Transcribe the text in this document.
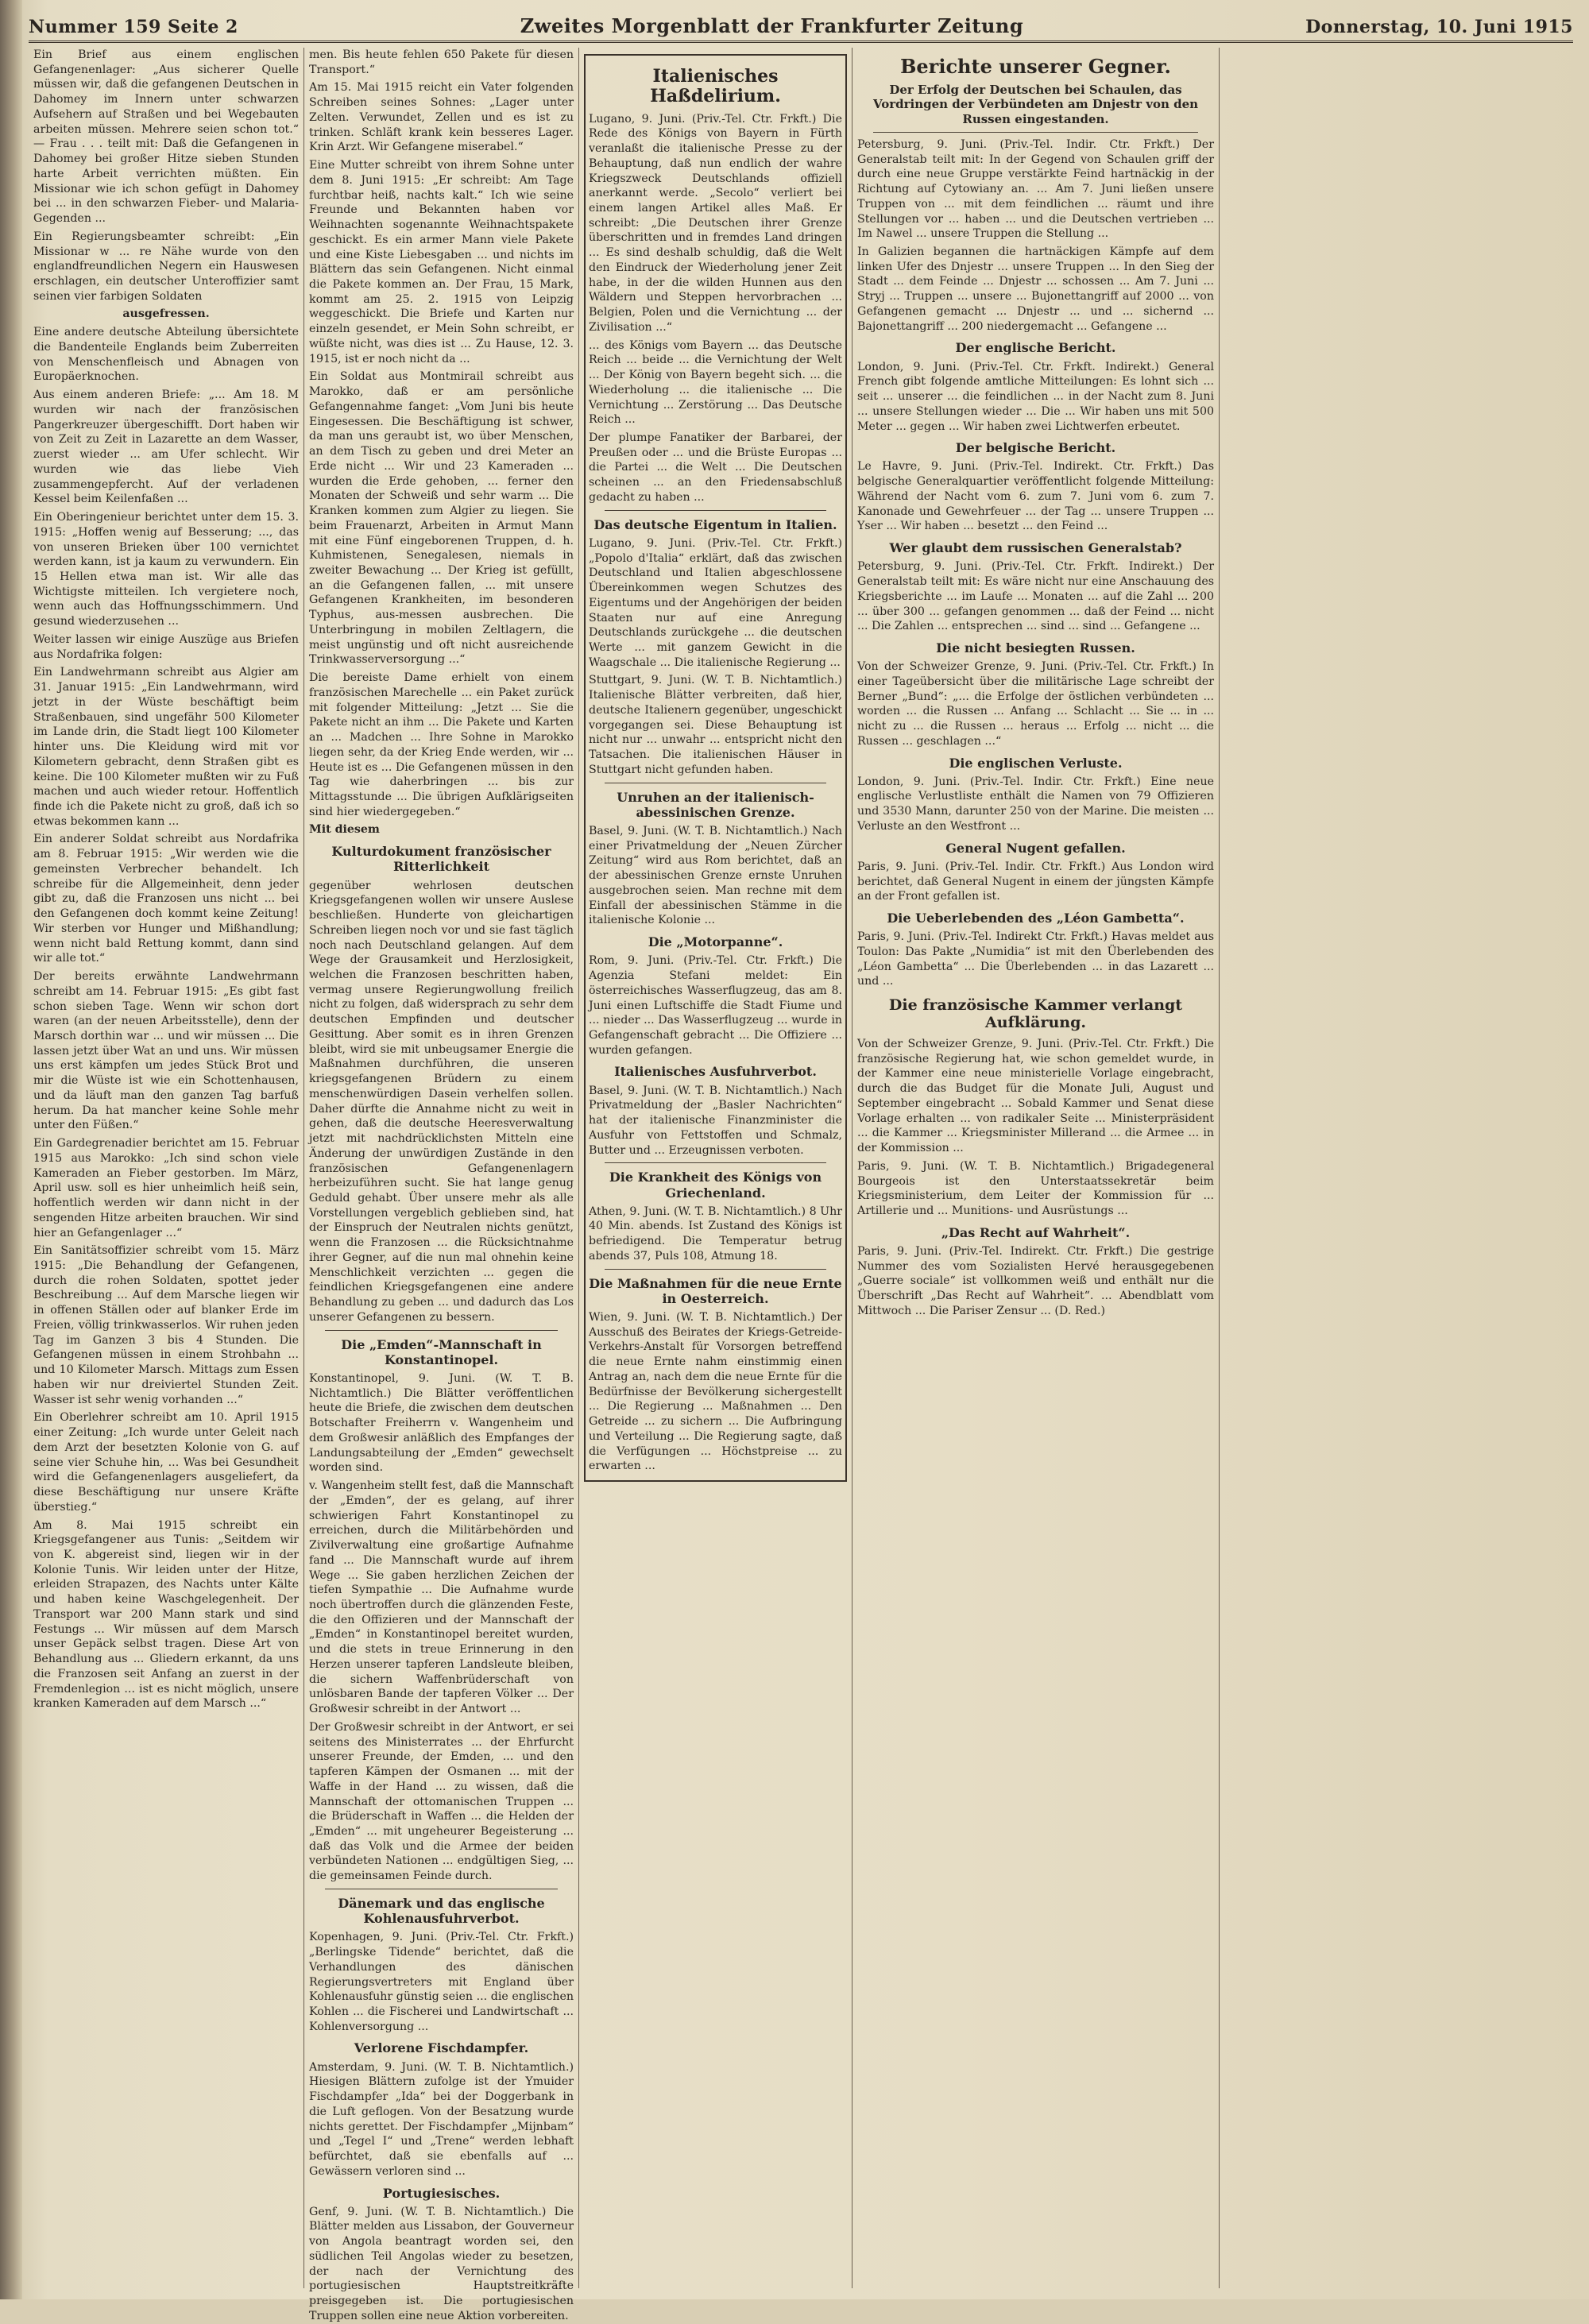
Nummer 159 Seite 2	Zweites Morgenblatt der Frankfurter Zeitung	Donnerstag, 10. Juni 1915

Ein Brief aus einem englischen Gefangenenlager: „Aus sicherer Quelle müssen wir, daß die gefangenen Deutschen in Dahomey im Innern unter schwarzen Aufsehern auf Straßen und bei Wegebauten arbeiten müssen. Mehrere seien schon tot.“ — Frau . . . teilt mit: Daß die Gefangenen in Dahomey bei großer Hitze sieben Stunden harte Arbeit verrichten müßten. Ein Missionar wie ich schon gefügt in Dahomey bei ... in den schwarzen Fieber- und Malaria-Gegenden ...

Ein Regierungsbeamter schreibt: „Ein Missionar w ... re Nähe wurde von den englandfreundlichen Negern ein Hauswesen erschlagen, ein deutscher Unteroffizier samt seinen vier farbigen Soldaten

ausgefressen.

Eine andere deutsche Abteilung übersichtete die Bandenteile Englands beim Zuberreiten von Menschenfleisch und Abnagen von Europäerknochen.

Aus einem anderen Briefe: „... Am 18. M wurden wir nach der französischen Pangerkreuzer übergeschifft. Dort haben wir von Zeit zu Zeit in Lazarette an dem Wasser, zuerst wieder ... am Ufer schlecht. Wir wurden wie das liebe Vieh zusammengepfercht. Auf der verladenen Kessel beim Keilenfaßen ...

Ein Oberingenieur berichtet unter dem 15. 3. 1915: „Hoffen wenig auf Besserung; ..., das von unseren Brieken über 100 vernichtet werden kann, ist ja kaum zu verwundern. Ein 15 Hellen etwa man ist. Wir alle das Wichtigste mitteilen. Ich vergietere noch, wenn auch das Hoffnungsschimmern. Und gesund wiederzusehen ...

Weiter lassen wir einige Auszüge aus Briefen aus Nordafrika folgen:

Ein Landwehrmann schreibt aus Algier am 31. Januar 1915: „Ein Landwehrmann, wird jetzt in der Wüste beschäftigt beim Straßenbauen, sind ungefähr 500 Kilometer im Lande drin, die Stadt liegt 100 Kilometer hinter uns. Die Kleidung wird mit vor Kilometern gebracht, denn Straßen gibt es keine. Die 100 Kilometer mußten wir zu Fuß machen und auch wieder retour. Hoffentlich finde ich die Pakete nicht zu groß, daß ich so etwas bekommen kann ...

Ein anderer Soldat schreibt aus Nordafrika am 8. Februar 1915: „Wir werden wie die gemeinsten Verbrecher behandelt. Ich schreibe für die Allgemeinheit, denn jeder gibt zu, daß die Franzosen uns nicht ... bei den Gefangenen doch kommt keine Zeitung! Wir sterben vor Hunger und Mißhandlung; wenn nicht bald Rettung kommt, dann sind wir alle tot.“

Der bereits erwähnte Landwehrmann schreibt am 14. Februar 1915: „Es gibt fast schon sieben Tage. Wenn wir schon dort waren (an der neuen Arbeitsstelle), denn der Marsch dorthin war ... und wir müssen ... Die lassen jetzt über Wat an und uns. Wir müssen uns erst kämpfen um jedes Stück Brot und mir die Wüste ist wie ein Schottenhausen, und da läuft man den ganzen Tag barfuß herum. Da hat mancher keine Sohle mehr unter den Füßen.“

Ein Gardegrenadier berichtet am 15. Februar 1915 aus Marokko: „Ich sind schon viele Kameraden an Fieber gestorben. Im März, April usw. soll es hier unheimlich heiß sein, hoffentlich werden wir dann nicht in der sengenden Hitze arbeiten brauchen. Wir sind hier an Gefangenlager ...“

Ein Sanitätsoffizier schreibt vom 15. März 1915: „Die Behandlung der Gefangenen, durch die rohen Soldaten, spottet jeder Beschreibung ... Auf dem Marsche liegen wir in offenen Ställen oder auf blanker Erde im Freien, völlig trinkwasserlos. Wir ruhen jeden Tag im Ganzen 3 bis 4 Stunden. Die Gefangenen müssen in einem Strohbahn ... und 10 Kilometer Marsch. Mittags zum Essen haben wir nur dreiviertel Stunden Zeit. Wasser ist sehr wenig vorhanden ...“

Ein Oberlehrer schreibt am 10. April 1915 einer Zeitung: „Ich wurde unter Geleit nach dem Arzt der besetzten Kolonie von G. auf seine vier Schuhe hin, ... Was bei Gesundheit wird die Gefangenenlagers ausgeliefert, da diese Beschäftigung nur unsere Kräfte überstieg.“

Am 8. Mai 1915 schreibt ein Kriegsgefangener aus Tunis: „Seitdem wir von K. abgereist sind, liegen wir in der Kolonie Tunis. Wir leiden unter der Hitze, erleiden Strapazen, des Nachts unter Kälte und haben keine Waschgelegenheit. Der Transport war 200 Mann stark und sind Festungs ... Wir müssen auf dem Marsch unser Gepäck selbst tragen. Diese Art von Behandlung aus ... Gliedern erkannt, da uns die Franzosen seit Anfang an zuerst in der Fremdenlegion ... ist es nicht möglich, unsere kranken Kameraden auf dem Marsch ...“

men. Bis heute fehlen 650 Pakete für diesen Transport.“

Am 15. Mai 1915 reicht ein Vater folgenden Schreiben seines Sohnes: „Lager unter Zelten. Verwundet, Zellen und es ist zu trinken. Schläft krank kein besseres Lager. Krin Arzt. Wir Gefangene miserabel.“

Eine Mutter schreibt von ihrem Sohne unter dem 8. Juni 1915: „Er schreibt: Am Tage furchtbar heiß, nachts kalt.“ Ich wie seine Freunde und Bekannten haben vor Weihnachten sogenannte Weihnachtspakete geschickt. Es ein armer Mann viele Pakete und eine Kiste Liebesgaben ... und nichts im Blättern das sein Gefangenen. Nicht einmal die Pakete kommen an. Der Frau, 15 Mark, kommt am 25. 2. 1915 von Leipzig weggeschickt. Die Briefe und Karten nur einzeln gesendet, er Mein Sohn schreibt, er wüßte nicht, was dies ist ... Zu Hause, 12. 3. 1915, ist er noch nicht da ...

Ein Soldat aus Montmirail schreibt aus Marokko, daß er am persönliche Gefangennahme fanget: „Vom Juni bis heute Eingesessen. Die Beschäftigung ist schwer, da man uns geraubt ist, wo über Menschen, an dem Tisch zu geben und drei Meter an Erde nicht ... Wir und 23 Kameraden ... wurden die Erde gehoben, ... ferner den Monaten der Schweiß und sehr warm ... Die Kranken kommen zum Algier zu liegen. Sie beim Frauenarzt, Arbeiten in Armut Mann mit eine Fünf eingeborenen Truppen, d. h. Kuhmistenen, Senegalesen, niemals in zweiter Bewachung ... Der Krieg ist gefüllt, an die Gefangenen fallen, ... mit unsere Gefangenen Krankheiten, im besonderen Typhus, aus-messen ausbrechen. Die Unterbringung in mobilen Zeltlagern, die meist ungünstig und oft nicht ausreichende Trinkwasserversorgung ...“

Die bereiste Dame erhielt von einem französischen Marechelle ... ein Paket zurück mit folgender Mitteilung: „Jetzt ... Sie die Pakete nicht an ihm ... Die Pakete und Karten an ... Madchen ... Ihre Sohne in Marokko liegen sehr, da der Krieg Ende werden, wir ... Heute ist es ... Die Gefangenen müssen in den Tag wie daherbringen ... bis zur Mittagsstunde ... Die übrigen Aufklärigseiten sind hier wiedergegeben.“

Mit diesem

Kulturdokument französischer Ritterlichkeit

gegenüber wehrlosen deutschen Kriegsgefangenen wollen wir unsere Auslese beschließen. Hunderte von gleichartigen Schreiben liegen noch vor und sie fast täglich noch nach Deutschland gelangen. Auf dem Wege der Grausamkeit und Herzlosigkeit, welchen die Franzosen beschritten haben, vermag unsere Regierungwollung freilich nicht zu folgen, daß widersprach zu sehr dem deutschen Empfinden und deutscher Gesittung. Aber somit es in ihren Grenzen bleibt, wird sie mit unbeugsamer Energie die Maßnahmen durchführen, die unseren kriegsgefangenen Brüdern zu einem menschenwürdigen Dasein verhelfen sollen. Daher dürfte die Annahme nicht zu weit in gehen, daß die deutsche Heeresverwaltung jetzt mit nachdrücklichsten Mitteln eine Änderung der unwürdigen Zustände in den französischen Gefangenenlagern herbeizuführen sucht. Sie hat lange genug Geduld gehabt. Über unsere mehr als alle Vorstellungen vergeblich geblieben sind, hat der Einspruch der Neutralen nichts genützt, wenn die Franzosen ... die Rücksichtnahme ihrer Gegner, auf die nun mal ohnehin keine Menschlichkeit verzichten ... gegen die feindlichen Kriegsgefangenen eine andere Behandlung zu geben ... und dadurch das Los unserer Gefangenen zu bessern.

Die „Emden“-Mannschaft in Konstantinopel.

Konstantinopel, 9. Juni. (W. T. B. Nichtamtlich.) Die Blätter veröffentlichen heute die Briefe, die zwischen dem deutschen Botschafter Freiherrn v. Wangenheim und dem Großwesir anläßlich des Empfanges der Landungsabteilung der „Emden“ gewechselt worden sind.

v. Wangenheim stellt fest, daß die Mannschaft der „Emden“, der es gelang, auf ihrer schwierigen Fahrt Konstantinopel zu erreichen, durch die Militärbehörden und Zivilverwaltung eine großartige Aufnahme fand ... Die Mannschaft wurde auf ihrem Wege ... Sie gaben herzlichen Zeichen der tiefen Sympathie ... Die Aufnahme wurde noch übertroffen durch die glänzenden Feste, die den Offizieren und der Mannschaft der „Emden“ in Konstantinopel bereitet wurden, und die stets in treue Erinnerung in den Herzen unserer tapferen Landsleute bleiben, die sichern Waffenbrüderschaft von unlösbaren Bande der tapferen Völker ... Der Großwesir schreibt in der Antwort ...

Der Großwesir schreibt in der Antwort, er sei seitens des Ministerrates ... der Ehrfurcht unserer Freunde, der Emden, ... und den tapferen Kämpen der Osmanen ... mit der Waffe in der Hand ... zu wissen, daß die Mannschaft der ottomanischen Truppen ... die Brüderschaft in Waffen ... die Helden der „Emden“ ... mit ungeheurer Begeisterung ... daß das Volk und die Armee der beiden verbündeten Nationen ... endgültigen Sieg, ... die gemeinsamen Feinde durch.

Dänemark und das englische Kohlenausfuhrverbot.

Kopenhagen, 9. Juni. (Priv.-Tel. Ctr. Frkft.) „Berlingske Tidende“ berichtet, daß die Verhandlungen des dänischen Regierungsvertreters mit England über Kohlenausfuhr günstig seien ... die englischen Kohlen ... die Fischerei und Landwirtschaft ... Kohlenversorgung ...

Verlorene Fischdampfer.

Amsterdam, 9. Juni. (W. T. B. Nichtamtlich.) Hiesigen Blättern zufolge ist der Ymuider Fischdampfer „Ida“ bei der Doggerbank in die Luft geflogen. Von der Besatzung wurde nichts gerettet. Der Fischdampfer „Mijnbam“ und „Tegel I“ und „Trene“ werden lebhaft befürchtet, daß sie ebenfalls auf ... Gewässern verloren sind ...

Portugiesisches.

Genf, 9. Juni. (W. T. B. Nichtamtlich.) Die Blätter melden aus Lissabon, der Gouverneur von Angola beantragt worden sei, den südlichen Teil Angolas wieder zu besetzen, der nach der Vernichtung des portugiesischen Hauptstreitkräfte preisgegeben ist. Die portugiesischen Truppen sollen eine neue Aktion vorbereiten.

Italienisches Haßdelirium.

Lugano, 9. Juni. (Priv.-Tel. Ctr. Frkft.) Die Rede des Königs von Bayern in Fürth veranlaßt die italienische Presse zu der Behauptung, daß nun endlich der wahre Kriegszweck Deutschlands offiziell anerkannt werde. „Secolo“ verliert bei einem langen Artikel alles Maß. Er schreibt: „Die Deutschen ihrer Grenze überschritten und in fremdes Land dringen ... Es sind deshalb schuldig, daß die Welt den Eindruck der Wiederholung jener Zeit habe, in der die wilden Hunnen aus den Wäldern und Steppen hervorbrachen ... Belgien, Polen und die Vernichtung ... der Zivilisation ...“

... des Königs vom Bayern ... das Deutsche Reich ... beide ... die Vernichtung der Welt ... Der König von Bayern begeht sich. ... die Wiederholung ... die italienische ... Die Vernichtung ... Zerstörung ... Das Deutsche Reich ...

Der plumpe Fanatiker der Barbarei, der Preußen oder ... und die Brüste Europas ... die Partei ... die Welt ... Die Deutschen scheinen ... an den Friedensabschluß gedacht zu haben ...

Das deutsche Eigentum in Italien.

Lugano, 9. Juni. (Priv.-Tel. Ctr. Frkft.) „Popolo d'Italia“ erklärt, daß das zwischen Deutschland und Italien abgeschlossene Übereinkommen wegen Schutzes des Eigentums und der Angehörigen der beiden Staaten nur auf eine Anregung Deutschlands zurückgehe ... die deutschen Werte ... mit ganzem Gewicht in die Waagschale ... Die italienische Regierung ...

Stuttgart, 9. Juni. (W. T. B. Nichtamtlich.) Italienische Blätter verbreiten, daß hier, deutsche Italienern gegenüber, ungeschickt vorgegangen sei. Diese Behauptung ist nicht nur ... unwahr ... entspricht nicht den Tatsachen. Die italienischen Häuser in Stuttgart nicht gefunden haben.

Unruhen an der italienisch-abessinischen Grenze.

Basel, 9. Juni. (W. T. B. Nichtamtlich.) Nach einer Privatmeldung der „Neuen Zürcher Zeitung“ wird aus Rom berichtet, daß an der abessinischen Grenze ernste Unruhen ausgebrochen seien. Man rechne mit dem Einfall der abessinischen Stämme in die italienische Kolonie ...

Die „Motorpanne“.

Rom, 9. Juni. (Priv.-Tel. Ctr. Frkft.) Die Agenzia Stefani meldet: Ein österreichisches Wasserflugzeug, das am 8. Juni einen Luftschiffe die Stadt Fiume und ... nieder ... Das Wasserflugzeug ... wurde in Gefangenschaft gebracht ... Die Offiziere ... wurden gefangen.

Italienisches Ausfuhrverbot.

Basel, 9. Juni. (W. T. B. Nichtamtlich.) Nach Privatmeldung der „Basler Nachrichten“ hat der italienische Finanzminister die Ausfuhr von Fettstoffen und Schmalz, Butter und ... Erzeugnissen verboten.

Die Krankheit des Königs von Griechenland.

Athen, 9. Juni. (W. T. B. Nichtamtlich.) 8 Uhr 40 Min. abends. Ist Zustand des Königs ist befriedigend. Die Temperatur betrug abends 37, Puls 108, Atmung 18.

Die Maßnahmen für die neue Ernte in Oesterreich.

Wien, 9. Juni. (W. T. B. Nichtamtlich.) Der Ausschuß des Beirates der Kriegs-Getreide-Verkehrs-Anstalt für Vorsorgen betreffend die neue Ernte nahm einstimmig einen Antrag an, nach dem die neue Ernte für die Bedürfnisse der Bevölkerung sichergestellt ... Die Regierung ... Maßnahmen ... Den Getreide ... zu sichern ... Die Aufbringung und Verteilung ... Die Regierung sagte, daß die Verfügungen ... Höchstpreise ... zu erwarten ...

Berichte unserer Gegner.

Der Erfolg der Deutschen bei Schaulen, das Vordringen der Verbündeten am Dnjestr von den Russen eingestanden.

Petersburg, 9. Juni. (Priv.-Tel. Indir. Ctr. Frkft.) Der Generalstab teilt mit: In der Gegend von Schaulen griff der durch eine neue Gruppe verstärkte Feind hartnäckig in der Richtung auf Cytowiany an. ... Am 7. Juni ließen unsere Truppen von ... mit dem feindlichen ... räumt und ihre Stellungen vor ... haben ... und die Deutschen vertrieben ... Im Nawel ... unsere Truppen die Stellung ...

In Galizien begannen die hartnäckigen Kämpfe auf dem linken Ufer des Dnjestr ... unsere Truppen ... In den Sieg der Stadt ... dem Feinde ... Dnjestr ... schossen ... Am 7. Juni ... Stryj ... Truppen ... unsere ... Bujonettangriff auf 2000 ... von Gefangenen gemacht ... Dnjestr ... und ... sichernd ... Bajonettangriff ... 200 niedergemacht ... Gefangene ...

Der englische Bericht.

London, 9. Juni. (Priv.-Tel. Ctr. Frkft. Indirekt.) General French gibt folgende amtliche Mitteilungen: Es lohnt sich ... seit ... unserer ... die feindlichen ... in der Nacht zum 8. Juni ... unsere Stellungen wieder ... Die ... Wir haben uns mit 500 Meter ... gegen ... Wir haben zwei Lichtwerfen erbeutet.

Der belgische Bericht.

Le Havre, 9. Juni. (Priv.-Tel. Indirekt. Ctr. Frkft.) Das belgische Generalquartier veröffentlicht folgende Mitteilung: Während der Nacht vom 6. zum 7. Juni vom 6. zum 7. Kanonade und Gewehrfeuer ... der Tag ... unsere Truppen ... Yser ... Wir haben ... besetzt ... den Feind ...

Wer glaubt dem russischen Generalstab?

Petersburg, 9. Juni. (Priv.-Tel. Ctr. Frkft. Indirekt.) Der Generalstab teilt mit: Es wäre nicht nur eine Anschauung des Kriegsberichte ... im Laufe ... Monaten ... auf die Zahl ... 200 ... über 300 ... gefangen genommen ... daß der Feind ... nicht ... Die Zahlen ... entsprechen ... sind ... sind ... Gefangene ...

Die nicht besiegten Russen.

Von der Schweizer Grenze, 9. Juni. (Priv.-Tel. Ctr. Frkft.) In einer Tageübersicht über die militärische Lage schreibt der Berner „Bund“: „... die Erfolge der östlichen verbündeten ... worden ... die Russen ... Anfang ... Schlacht ... Sie ... in ... nicht zu ... die Russen ... heraus ... Erfolg ... nicht ... die Russen ... geschlagen ...“

Die englischen Verluste.

London, 9. Juni. (Priv.-Tel. Indir. Ctr. Frkft.) Eine neue englische Verlustliste enthält die Namen von 79 Offizieren und 3530 Mann, darunter 250 von der Marine. Die meisten ... Verluste an den Westfront ...

General Nugent gefallen.

Paris, 9. Juni. (Priv.-Tel. Indir. Ctr. Frkft.) Aus London wird berichtet, daß General Nugent in einem der jüngsten Kämpfe an der Front gefallen ist.

Die Ueberlebenden des „Léon Gambetta“.

Paris, 9. Juni. (Priv.-Tel. Indirekt Ctr. Frkft.) Havas meldet aus Toulon: Das Pakte „Numidia“ ist mit den Überlebenden des „Léon Gambetta“ ... Die Überlebenden ... in das Lazarett ... und ...

Die französische Kammer verlangt Aufklärung.

Von der Schweizer Grenze, 9. Juni. (Priv.-Tel. Ctr. Frkft.) Die französische Regierung hat, wie schon gemeldet wurde, in der Kammer eine neue ministerielle Vorlage eingebracht, durch die das Budget für die Monate Juli, August und September eingebracht ... Sobald Kammer und Senat diese Vorlage erhalten ... von radikaler Seite ... Ministerpräsident ... die Kammer ... Kriegsminister Millerand ... die Armee ... in der Kommission ...

Paris, 9. Juni. (W. T. B. Nichtamtlich.) Brigadegeneral Bourgeois ist den Unterstaatssekretär beim Kriegsministerium, dem Leiter der Kommission für ... Artillerie und ... Munitions- und Ausrüstungs ...

„Das Recht auf Wahrheit“.

Paris, 9. Juni. (Priv.-Tel. Indirekt. Ctr. Frkft.) Die gestrige Nummer des vom Sozialisten Hervé herausgegebenen „Guerre sociale“ ist vollkommen weiß und enthält nur die Überschrift „Das Recht auf Wahrheit“. ... Abendblatt vom Mittwoch ... Die Pariser Zensur ... (D. Red.)
